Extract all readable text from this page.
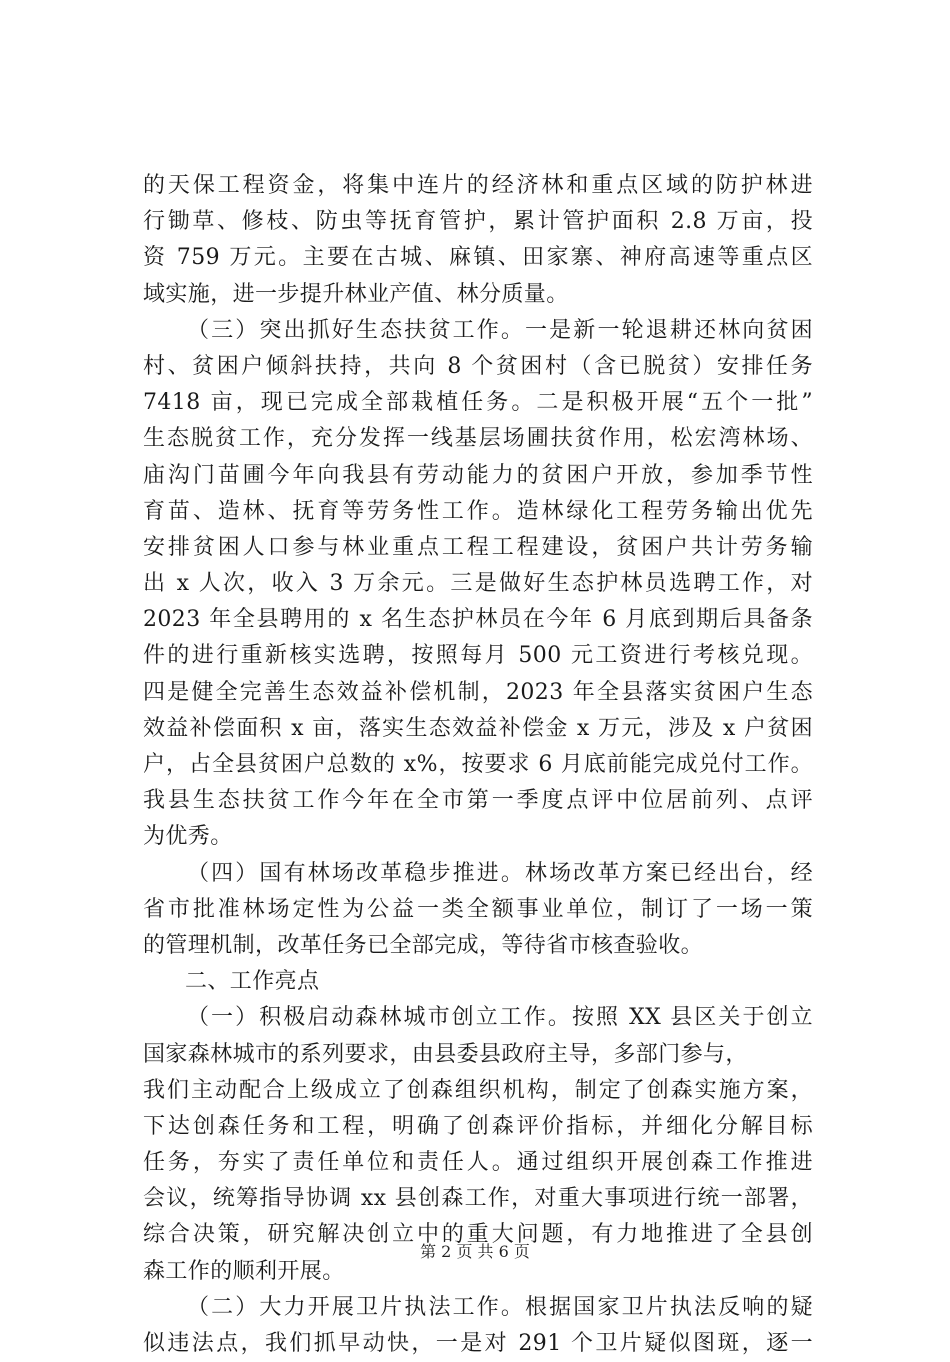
的天保工程资金，将集中连片的经济林和重点区域的防护林进
行锄草、修枝、防虫等抚育管护，累计管护面积 2.8 万亩，投
资 759 万元。主要在古城、麻镇、田家寨、神府高速等重点区
域实施，进一步提升林业产值、林分质量。
（三）突出抓好生态扶贫工作。一是新一轮退耕还林向贫困
村、贫困户倾斜扶持，共向 8 个贫困村（含已脱贫）安排任务
7418 亩，现已完成全部栽植任务。二是积极开展“五个一批”
生态脱贫工作，充分发挥一线基层场圃扶贫作用，松宏湾林场、
庙沟门苗圃今年向我县有劳动能力的贫困户开放，参加季节性
育苗、造林、抚育等劳务性工作。造林绿化工程劳务输出优先
安排贫困人口参与林业重点工程工程建设，贫困户共计劳务输
出 x 人次，收入 3 万余元。三是做好生态护林员选聘工作，对
2023 年全县聘用的 x 名生态护林员在今年 6 月底到期后具备条
件的进行重新核实选聘，按照每月 500 元工资进行考核兑现。
四是健全完善生态效益补偿机制，2023 年全县落实贫困户生态
效益补偿面积 x 亩，落实生态效益补偿金 x 万元，涉及 x 户贫困
户，占全县贫困户总数的 x%，按要求 6 月底前能完成兑付工作。
我县生态扶贫工作今年在全市第一季度点评中位居前列、点评
为优秀。
（四）国有林场改革稳步推进。林场改革方案已经出台，经
省市批准林场定性为公益一类全额事业单位，制订了一场一策
的管理机制，改革任务已全部完成，等待省市核查验收。
二、工作亮点
（一）积极启动森林城市创立工作。按照 XX 县区关于创立
国家森林城市的系列要求，由县委县政府主导，多部门参与，
我们主动配合上级成立了创森组织机构，制定了创森实施方案，
下达创森任务和工程，明确了创森评价指标，并细化分解目标
任务，夯实了责任单位和责任人。通过组织开展创森工作推进
会议，统筹指导协调 xx 县创森工作，对重大事项进行统一部署，
综合决策，研究解决创立中的重大问题，有力地推进了全县创
森工作的顺利开展。
（二）大力开展卫片执法工作。根据国家卫片执法反响的疑
似违法点，我们抓早动快，一是对 291 个卫片疑似图斑，逐一
第 2 页 共 6 页
